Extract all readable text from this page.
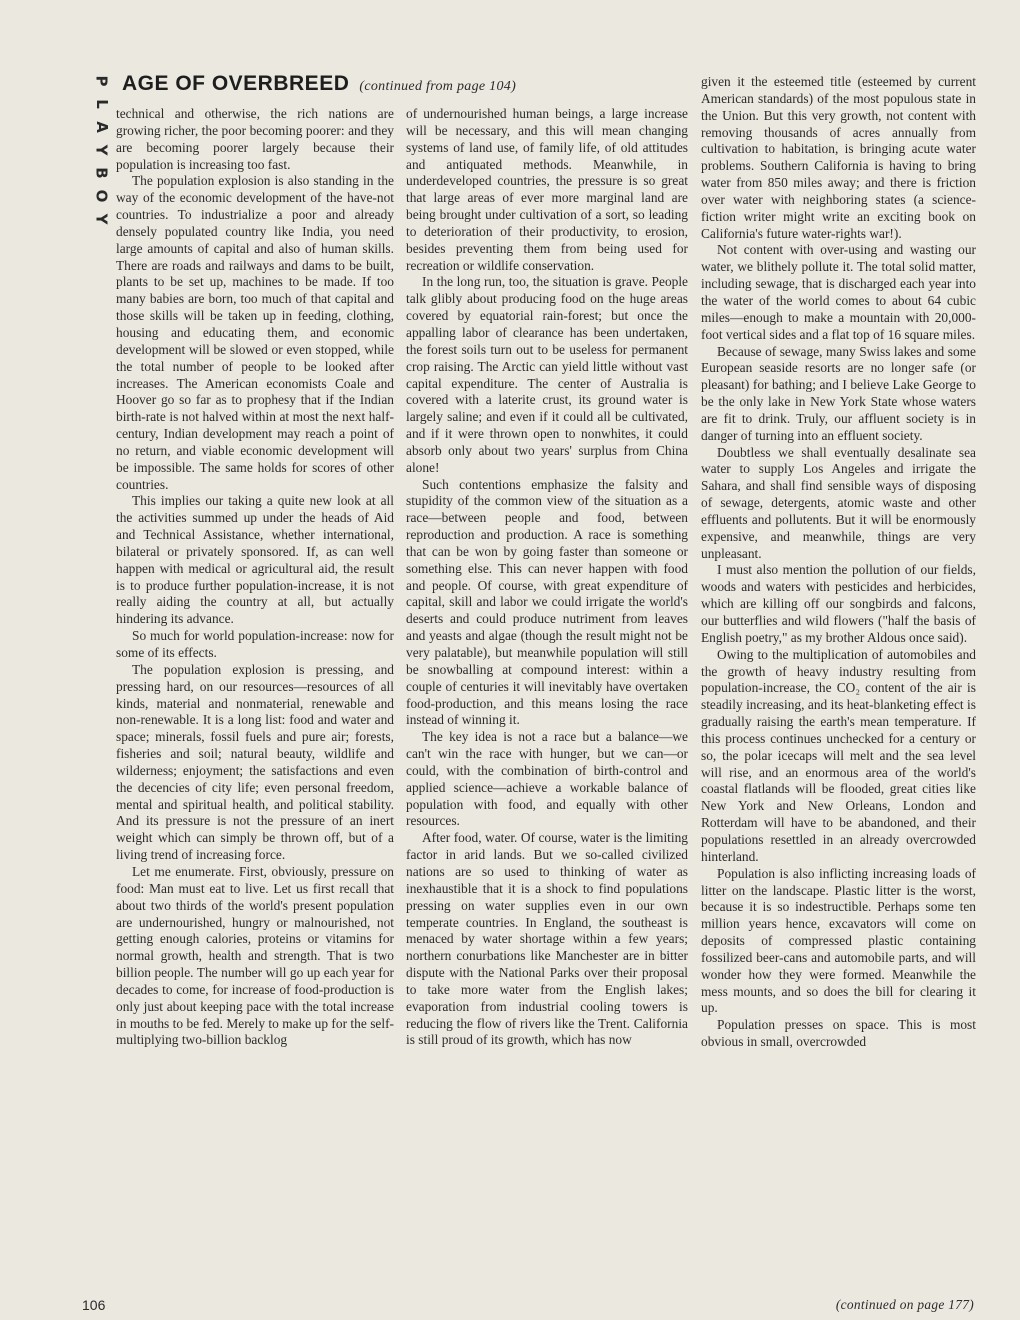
P
L
A
Y
B
O
Y
AGE OF OVERBREED (continued from page 104)

technical and otherwise, the rich nations are growing richer, the poor becoming poorer: and they are becoming poorer largely because their population is increasing too fast.

The population explosion is also standing in the way of the economic development of the have-not countries. To industrialize a poor and already densely populated country like India, you need large amounts of capital and also of human skills. There are roads and railways and dams to be built, plants to be set up, machines to be made. If too many babies are born, too much of that capital and those skills will be taken up in feeding, clothing, housing and educating them, and economic development will be slowed or even stopped, while the total number of people to be looked after increases. The American economists Coale and Hoover go so far as to prophesy that if the Indian birth-rate is not halved within at most the next half-century, Indian development may reach a point of no return, and viable economic development will be impossible. The same holds for scores of other countries.

This implies our taking a quite new look at all the activities summed up under the heads of Aid and Technical Assistance, whether international, bilateral or privately sponsored. If, as can well happen with medical or agricultural aid, the result is to produce further population-increase, it is not really aiding the country at all, but actually hindering its advance.

So much for world population-increase: now for some of its effects.

The population explosion is pressing, and pressing hard, on our resources—resources of all kinds, material and nonmaterial, renewable and non-renewable. It is a long list: food and water and space; minerals, fossil fuels and pure air; forests, fisheries and soil; natural beauty, wildlife and wilderness; enjoyment; the satisfactions and even the decencies of city life; even personal freedom, mental and spiritual health, and political stability. And its pressure is not the pressure of an inert weight which can simply be thrown off, but of a living trend of increasing force.

Let me enumerate. First, obviously, pressure on food: Man must eat to live. Let us first recall that about two thirds of the world's present population are undernourished, hungry or malnourished, not getting enough calories, proteins or vitamins for normal growth, health and strength. That is two billion people. The number will go up each year for decades to come, for increase of food-production is only just about keeping pace with the total increase in mouths to be fed. Merely to make up for the self-multiplying two-billion backlog

of undernourished human beings, a large increase will be necessary, and this will mean changing systems of land use, of family life, of old attitudes and antiquated methods. Meanwhile, in underdeveloped countries, the pressure is so great that large areas of ever more marginal land are being brought under cultivation of a sort, so leading to deterioration of their productivity, to erosion, besides preventing them from being used for recreation or wildlife conservation.

In the long run, too, the situation is grave. People talk glibly about producing food on the huge areas covered by equatorial rain-forest; but once the appalling labor of clearance has been undertaken, the forest soils turn out to be useless for permanent crop raising. The Arctic can yield little without vast capital expenditure. The center of Australia is covered with a laterite crust, its ground water is largely saline; and even if it could all be cultivated, and if it were thrown open to nonwhites, it could absorb only about two years' surplus from China alone!

Such contentions emphasize the falsity and stupidity of the common view of the situation as a race—between people and food, between reproduction and production. A race is something that can be won by going faster than someone or something else. This can never happen with food and people. Of course, with great expenditure of capital, skill and labor we could irrigate the world's deserts and could produce nutriment from leaves and yeasts and algae (though the result might not be very palatable), but meanwhile population will still be snowballing at compound interest: within a couple of centuries it will inevitably have overtaken food-production, and this means losing the race instead of winning it.

The key idea is not a race but a balance—we can't win the race with hunger, but we can—or could, with the combination of birth-control and applied science—achieve a workable balance of population with food, and equally with other resources.

After food, water. Of course, water is the limiting factor in arid lands. But we so-called civilized nations are so used to thinking of water as inexhaustible that it is a shock to find populations pressing on water supplies even in our own temperate countries. In England, the southeast is menaced by water shortage within a few years; northern conurbations like Manchester are in bitter dispute with the National Parks over their proposal to take more water from the English lakes; evaporation from industrial cooling towers is reducing the flow of rivers like the Trent. California is still proud of its growth, which has now

given it the esteemed title (esteemed by current American standards) of the most populous state in the Union. But this very growth, not content with removing thousands of acres annually from cultivation to habitation, is bringing acute water problems. Southern California is having to bring water from 850 miles away; and there is friction over water with neighboring states (a science-fiction writer might write an exciting book on California's future water-rights war!).

Not content with over-using and wasting our water, we blithely pollute it. The total solid matter, including sewage, that is discharged each year into the water of the world comes to about 64 cubic miles—enough to make a mountain with 20,000-foot vertical sides and a flat top of 16 square miles.

Because of sewage, many Swiss lakes and some European seaside resorts are no longer safe (or pleasant) for bathing; and I believe Lake George to be the only lake in New York State whose waters are fit to drink. Truly, our affluent society is in danger of turning into an effluent society.

Doubtless we shall eventually desalinate sea water to supply Los Angeles and irrigate the Sahara, and shall find sensible ways of disposing of sewage, detergents, atomic waste and other effluents and pollutents. But it will be enormously expensive, and meanwhile, things are very unpleasant.

I must also mention the pollution of our fields, woods and waters with pesticides and herbicides, which are killing off our songbirds and falcons, our butterflies and wild flowers ("half the basis of English poetry," as my brother Aldous once said).

Owing to the multiplication of automobiles and the growth of heavy industry resulting from population-increase, the CO₂ content of the air is steadily increasing, and its heat-blanketing effect is gradually raising the earth's mean temperature. If this process continues unchecked for a century or so, the polar icecaps will melt and the sea level will rise, and an enormous area of the world's coastal flatlands will be flooded, great cities like New York and New Orleans, London and Rotterdam will have to be abandoned, and their populations resettled in an already overcrowded hinterland.

Population is also inflicting increasing loads of litter on the landscape. Plastic litter is the worst, because it is so indestructible. Perhaps some ten million years hence, excavators will come on deposits of compressed plastic containing fossilized beer-cans and automobile parts, and will wonder how they were formed. Meanwhile the mess mounts, and so does the bill for clearing it up.

Population presses on space. This is most obvious in small, overcrowded

106	(continued on page 177)
